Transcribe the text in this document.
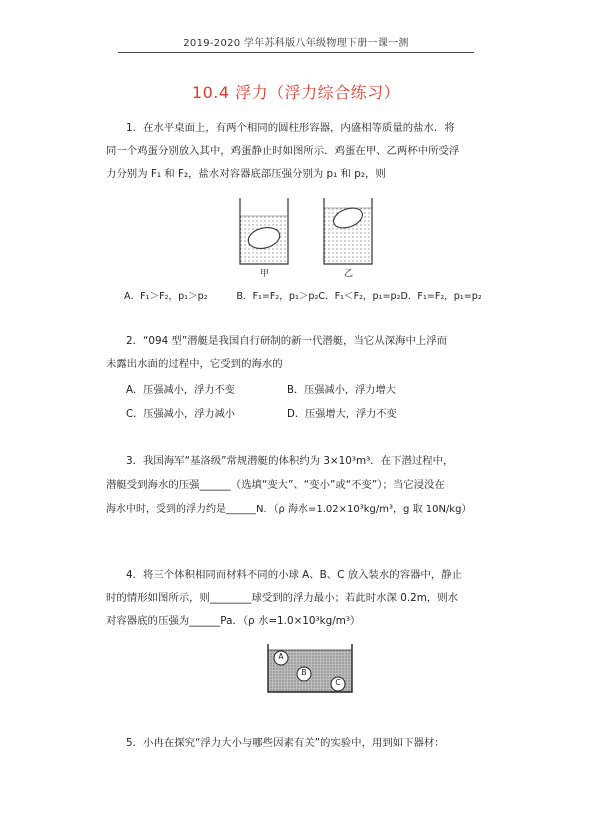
2019-2020 学年苏科版八年级物理下册一课一测
10.4 浮力（浮力综合练习）
1．在水平桌面上，有两个相同的圆柱形容器，内盛相等质量的盐水．将
同一个鸡蛋分别放入其中，鸡蛋静止时如图所示．鸡蛋在甲、乙两杯中所受浮
力分别为 F₁ 和 F₂，盐水对容器底部压强分别为 p₁ 和 p₂，则
甲	乙
A．F₁＞F₂，p₁＞p₂　　　B．F₁=F₂，p₁＞p₂C．F₁＜F₂，p₁=p₂D．F₁=F₂，p₁=p₂
2．“094 型”潜艇是我国自行研制的新一代潜艇，当它从深海中上浮而
未露出水面的过程中，它受到的海水的
A．压强减小，浮力不变	B．压强减小，浮力增大
C．压强减小，浮力减小	D．压强增大，浮力不变
3．我国海军“基洛级”常规潜艇的体积约为 3×10³m³．在下潜过程中，
潜艇受到海水的压强______（选填“变大”、“变小”或“不变”）；当它浸没在
海水中时，受到的浮力约是______N．（ρ 海水=1.02×10³kg/m³，g 取 10N/kg）
4．将三个体积相同而材料不同的小球 A、B、C 放入装水的容器中，静止
时的情形如图所示，则________球受到的浮力最小；若此时水深 0.2m，则水
对容器底的压强为______Pa．（ρ 水=1.0×10³kg/m³）
A
B
C
5．小冉在探究“浮力大小与哪些因素有关”的实验中，用到如下器材：
